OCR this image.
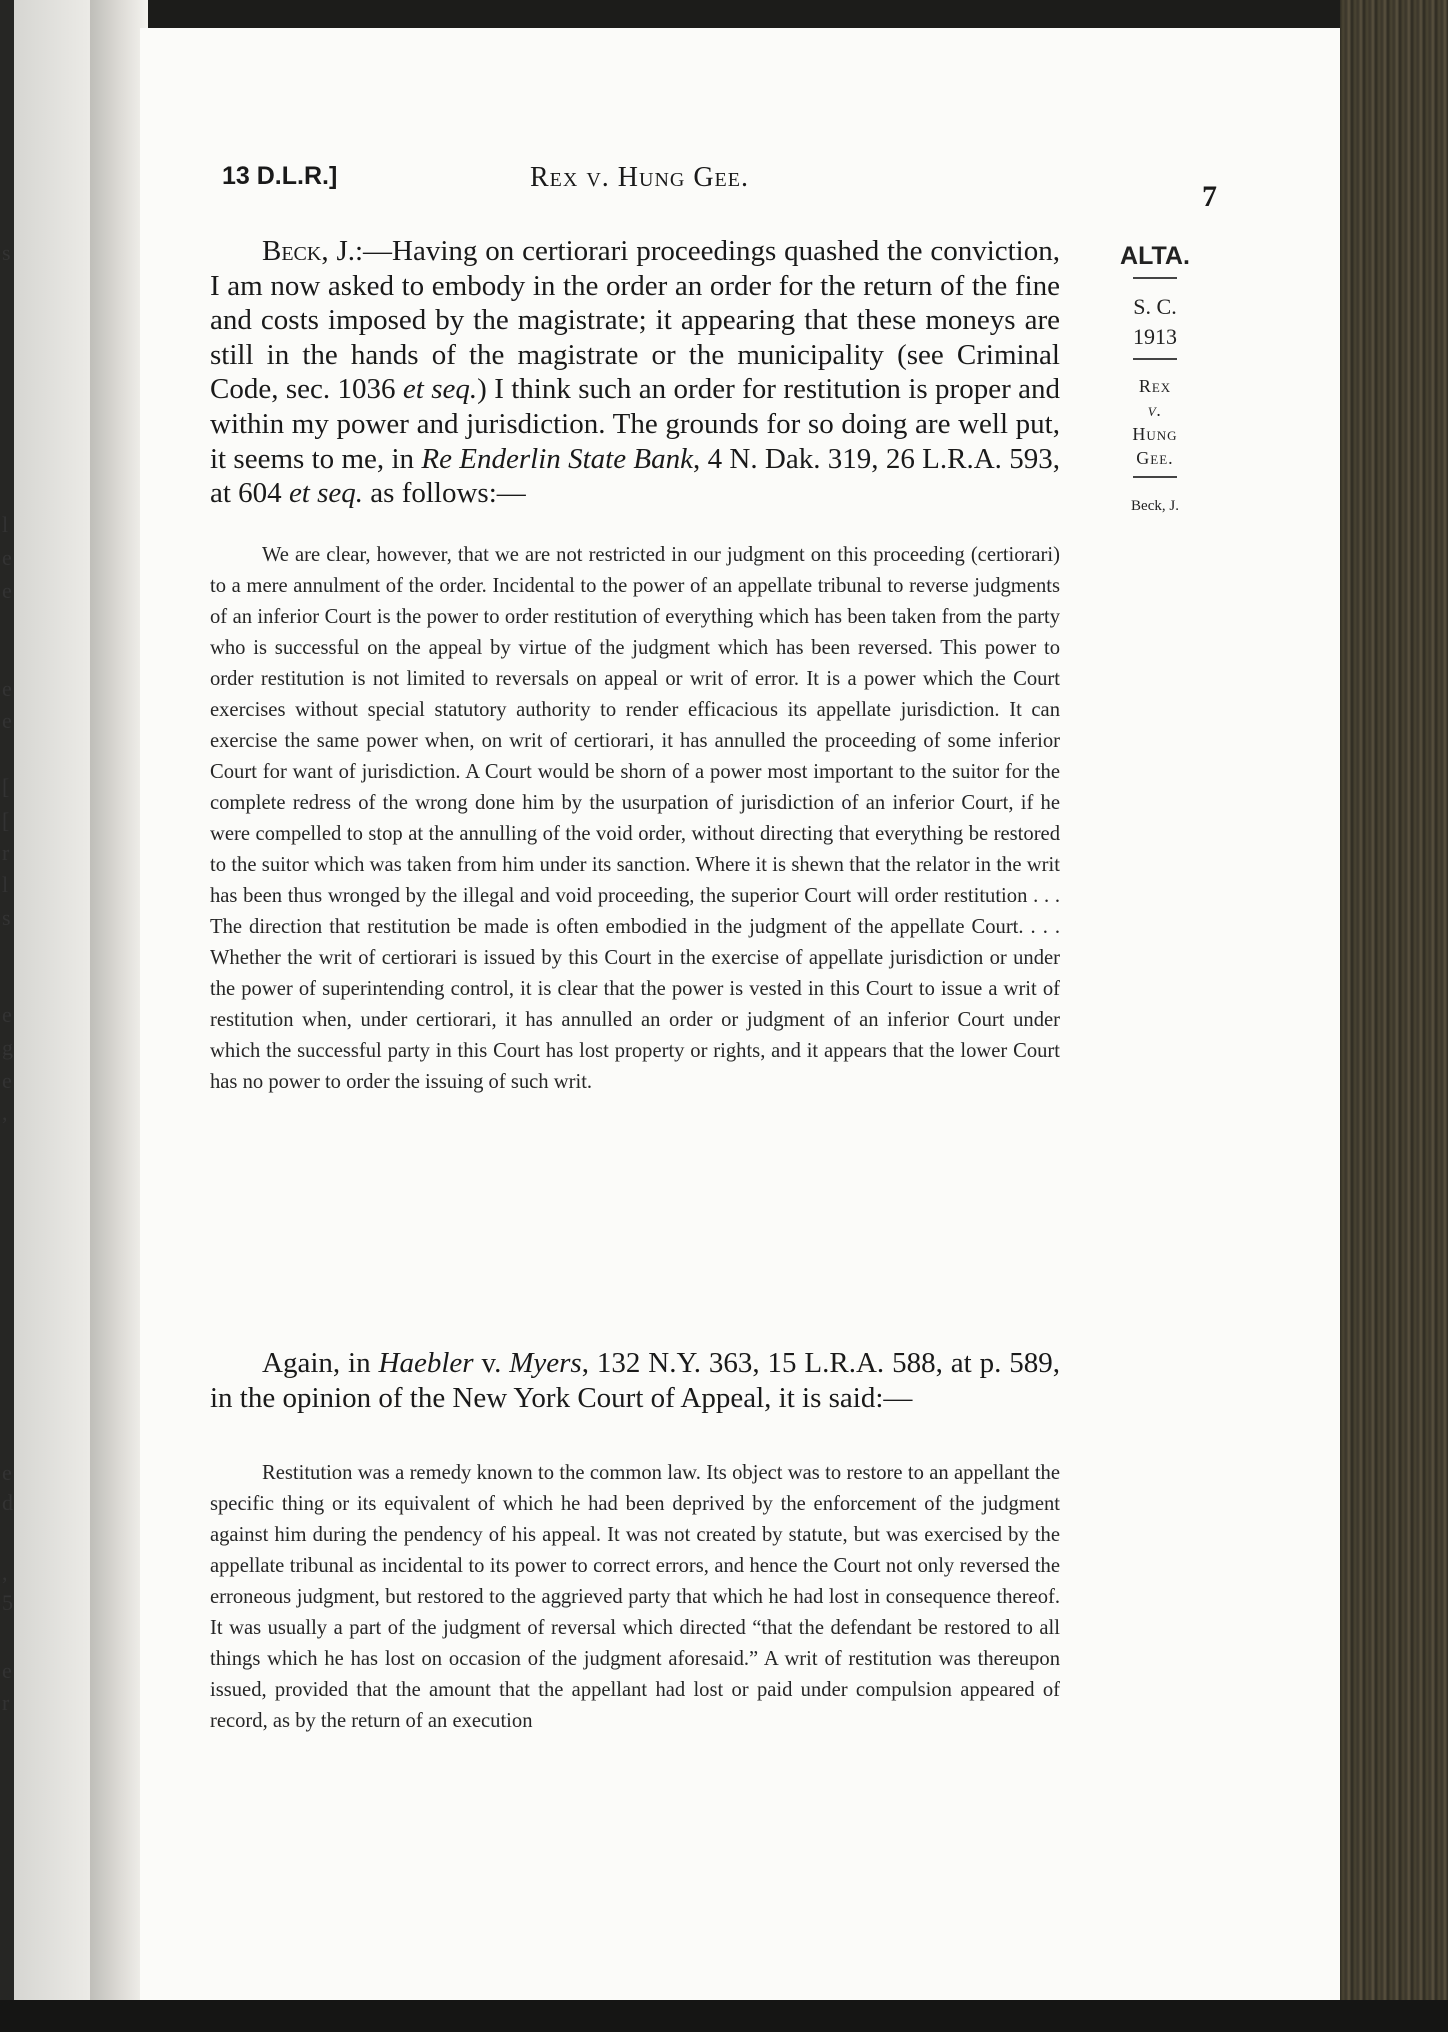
s
l
e
e
e
e
[
[
r
l
s
e
g
e
,
e
d
,
5
e
r
13 D.L.R.]	Rex v. Hung Gee.
7
ALTA.
S. C.
1913
Rex
v.
Hung
Gee.
Beck, J.
Beck, J.:—Having on certiorari proceedings quashed the conviction, I am now asked to embody in the order an order for the return of the fine and costs imposed by the magistrate; it appearing that these moneys are still in the hands of the magistrate or the municipality (see Criminal Code, sec. 1036 et seq.) I think such an order for restitution is proper and within my power and jurisdiction. The grounds for so doing are well put, it seems to me, in Re Enderlin State Bank, 4 N. Dak. 319, 26 L.R.A. 593, at 604 et seq. as follows:—
We are clear, however, that we are not restricted in our judgment on this proceeding (certiorari) to a mere annulment of the order. Incidental to the power of an appellate tribunal to reverse judgments of an inferior Court is the power to order restitution of everything which has been taken from the party who is successful on the appeal by virtue of the judgment which has been reversed. This power to order restitution is not limited to reversals on appeal or writ of error. It is a power which the Court exercises without special statutory authority to render efficacious its appellate jurisdiction. It can exercise the same power when, on writ of certiorari, it has annulled the proceeding of some inferior Court for want of jurisdiction. A Court would be shorn of a power most important to the suitor for the complete redress of the wrong done him by the usurpation of jurisdiction of an inferior Court, if he were compelled to stop at the annulling of the void order, without directing that everything be restored to the suitor which was taken from him under its sanction. Where it is shewn that the relator in the writ has been thus wronged by the illegal and void proceeding, the superior Court will order restitution . . . The direction that restitution be made is often embodied in the judgment of the appellate Court. . . . Whether the writ of certiorari is issued by this Court in the exercise of appellate jurisdiction or under the power of superintending control, it is clear that the power is vested in this Court to issue a writ of restitution when, under certiorari, it has annulled an order or judgment of an inferior Court under which the successful party in this Court has lost property or rights, and it appears that the lower Court has no power to order the issuing of such writ.
Again, in Haebler v. Myers, 132 N.Y. 363, 15 L.R.A. 588, at p. 589, in the opinion of the New York Court of Appeal, it is said:—
Restitution was a remedy known to the common law. Its object was to restore to an appellant the specific thing or its equivalent of which he had been deprived by the enforcement of the judgment against him during the pendency of his appeal. It was not created by statute, but was exercised by the appellate tribunal as incidental to its power to correct errors, and hence the Court not only reversed the erroneous judgment, but restored to the aggrieved party that which he had lost in consequence thereof. It was usually a part of the judgment of reversal which directed “that the defendant be restored to all things which he has lost on occasion of the judgment aforesaid.” A writ of restitution was thereupon issued, provided that the amount that the appellant had lost or paid under compulsion appeared of record, as by the return of an execution
